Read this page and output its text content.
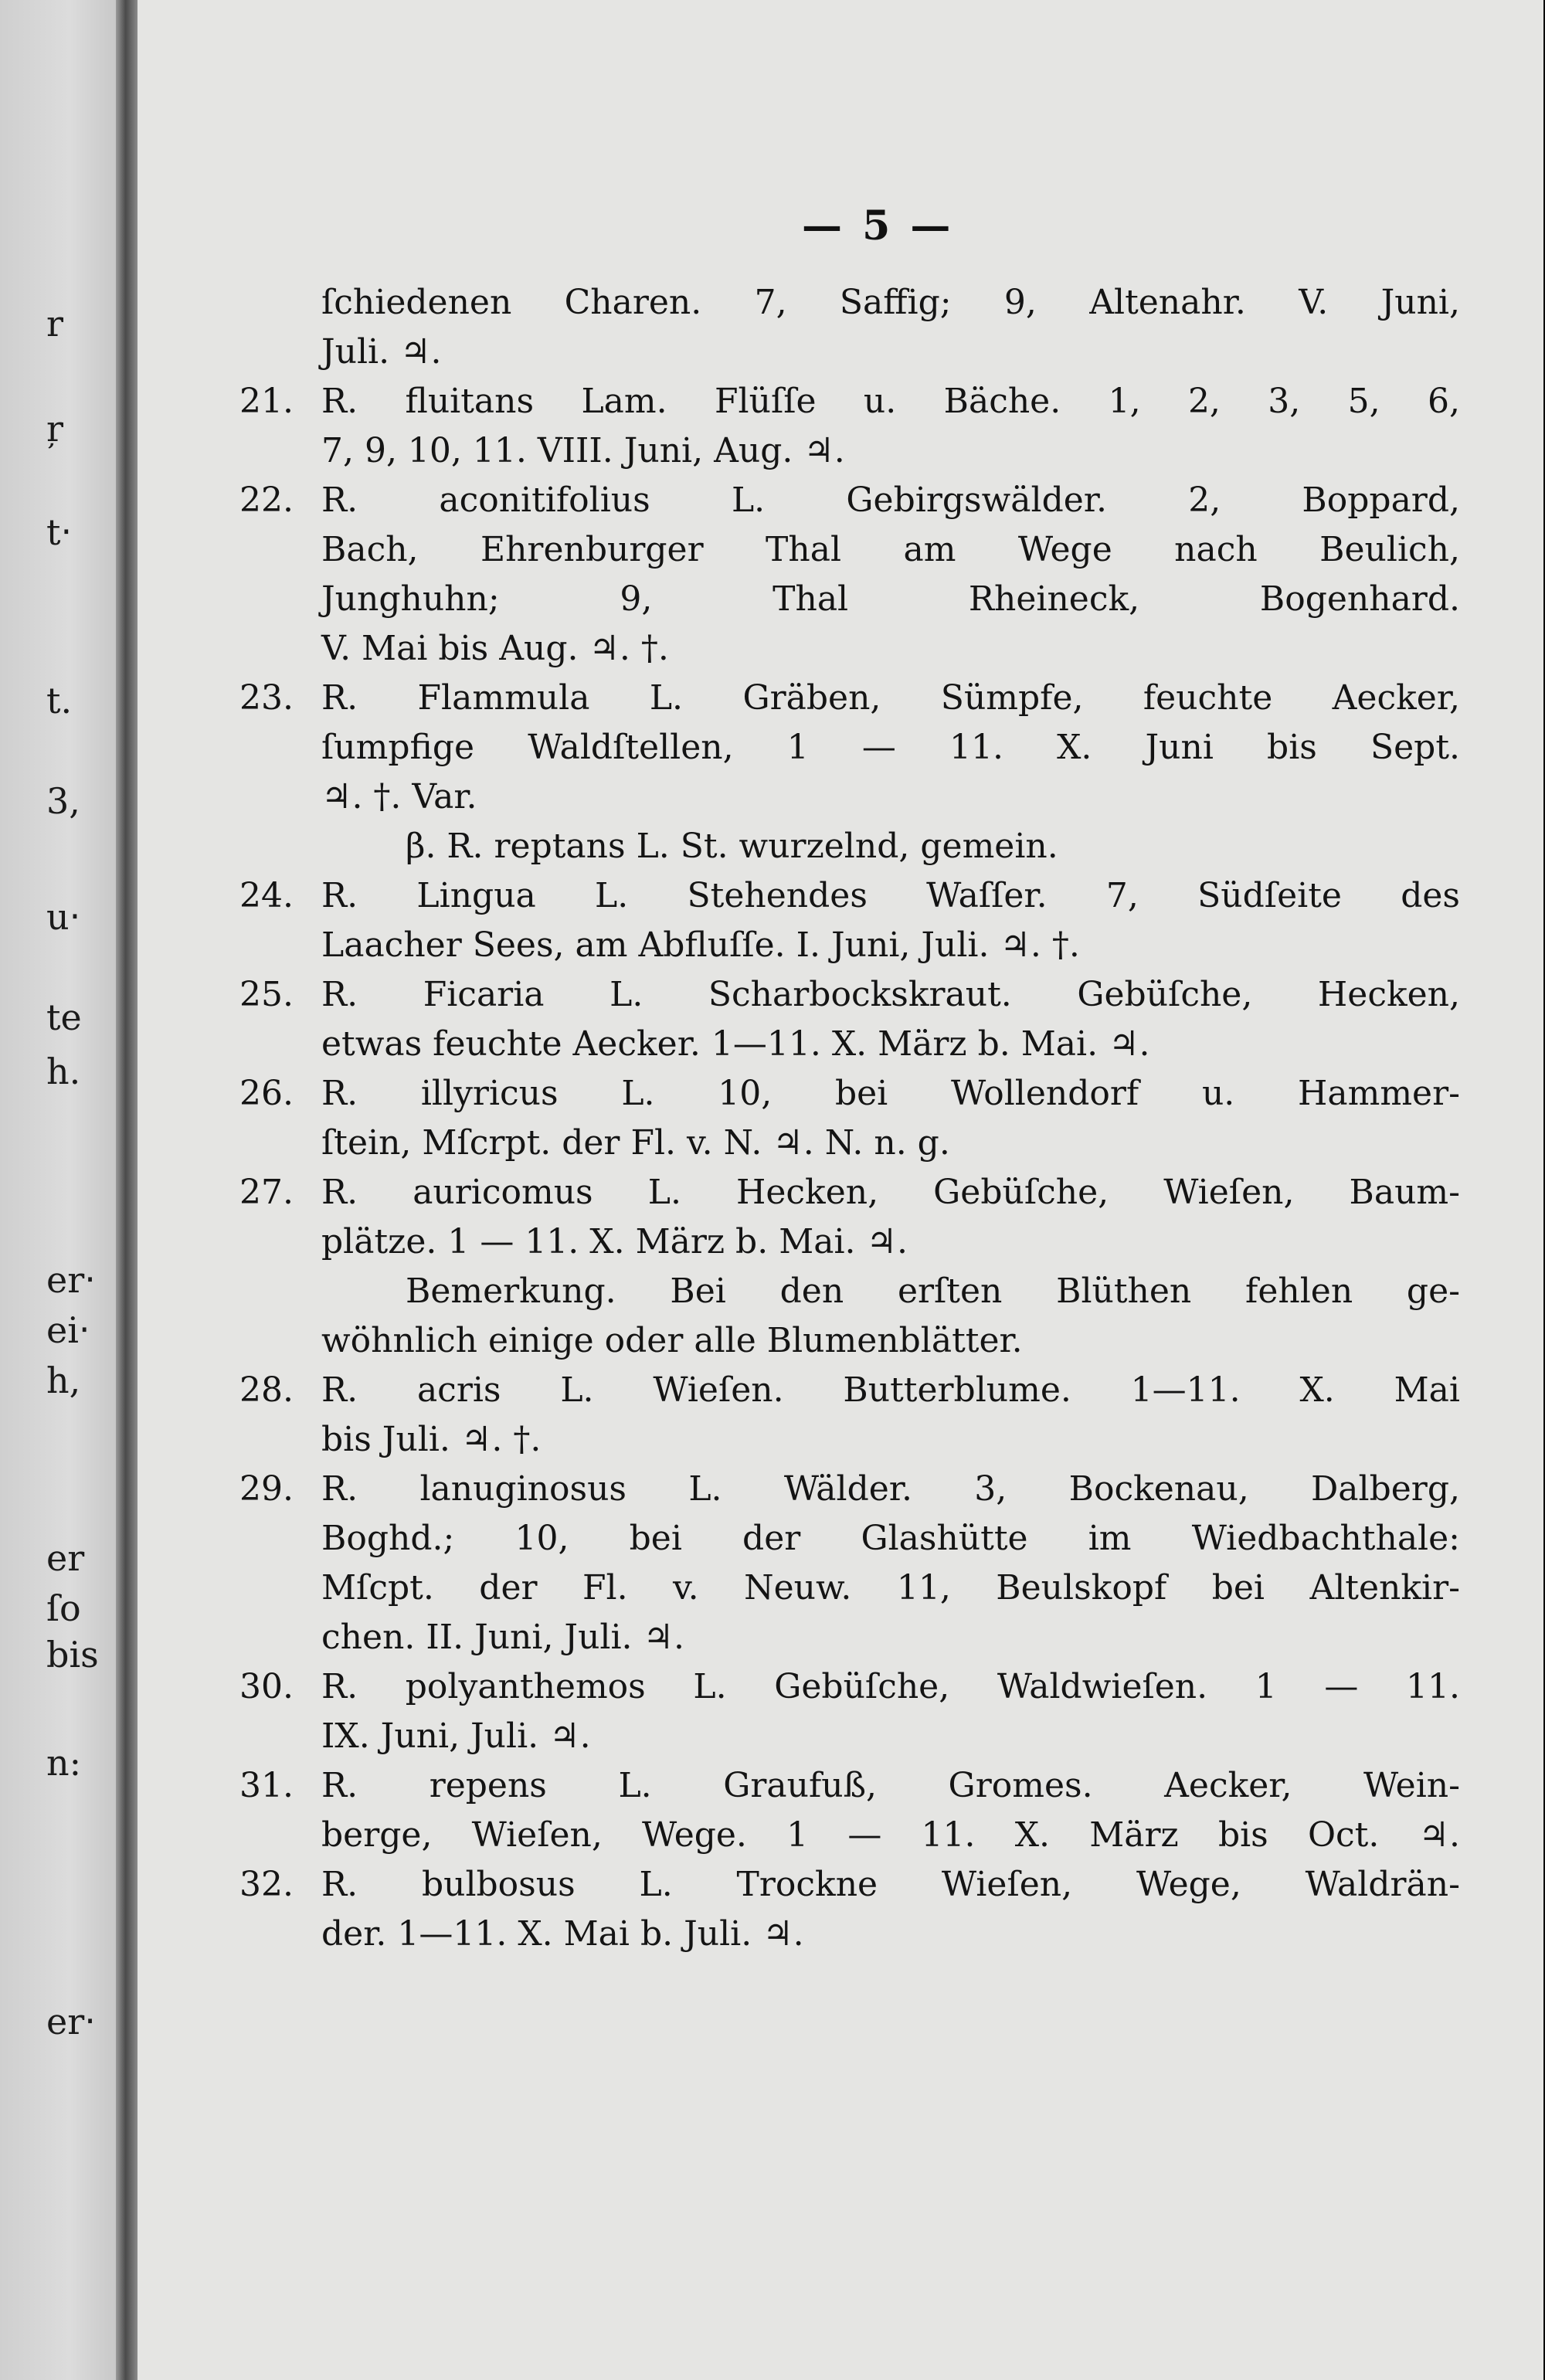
r
ŗ
t‧
t.
3,
u‧
te
h.
er‧
ei‧
h,
er
ſo
bis
n:
er‧
— 5 —
ſchiedenen Charen. 7, Saffig; 9, Altenahr. V. Juni,
Juli. ♃.
21. R. fluitans Lam. Flüſſe u. Bäche. 1, 2, 3, 5, 6,
7, 9, 10, 11. VIII. Juni, Aug. ♃.
22. R. aconitifolius L. Gebirgswälder. 2, Boppard,
Bach, Ehrenburger Thal am Wege nach Beulich,
Junghuhn; 9, Thal Rheineck, Bogenhard.
V. Mai bis Aug. ♃. †.
23. R. Flammula L. Gräben, Sümpfe, feuchte Aecker,
ſumpfige Waldſtellen, 1 — 11. X. Juni bis Sept.
♃. †. Var.
β. R. reptans L. St. wurzelnd, gemein.
24. R. Lingua L. Stehendes Waſſer. 7, Südſeite des
Laacher Sees, am Abfluſſe. I. Juni, Juli. ♃. †.
25. R. Ficaria L. Scharbockskraut. Gebüſche, Hecken,
etwas feuchte Aecker. 1—11. X. März b. Mai. ♃.
26. R. illyricus L. 10, bei Wollendorf u. Hammer-
ſtein, Mſcrpt. der Fl. v. N. ♃. N. n. g.
27. R. auricomus L. Hecken, Gebüſche, Wieſen, Baum-
plätze. 1 — 11. X. März b. Mai. ♃.
Bemerkung. Bei den erſten Blüthen fehlen ge-
wöhnlich einige oder alle Blumenblätter.
28. R. acris L. Wieſen. Butterblume. 1—11. X. Mai
bis Juli. ♃. †.
29. R. lanuginosus L. Wälder. 3, Bockenau, Dalberg,
Boghd.; 10, bei der Glashütte im Wiedbachthale:
Mſcpt. der Fl. v. Neuw. 11, Beulskopf bei Altenkir-
chen. II. Juni, Juli. ♃.
30. R. polyanthemos L. Gebüſche, Waldwieſen. 1 — 11.
IX. Juni, Juli. ♃.
31. R. repens L. Graufuß, Gromes. Aecker, Wein-
berge, Wieſen, Wege. 1 — 11. X. März bis Oct. ♃.
32. R. bulbosus L. Trockne Wieſen, Wege, Waldrän-
der. 1—11. X. Mai b. Juli. ♃.
